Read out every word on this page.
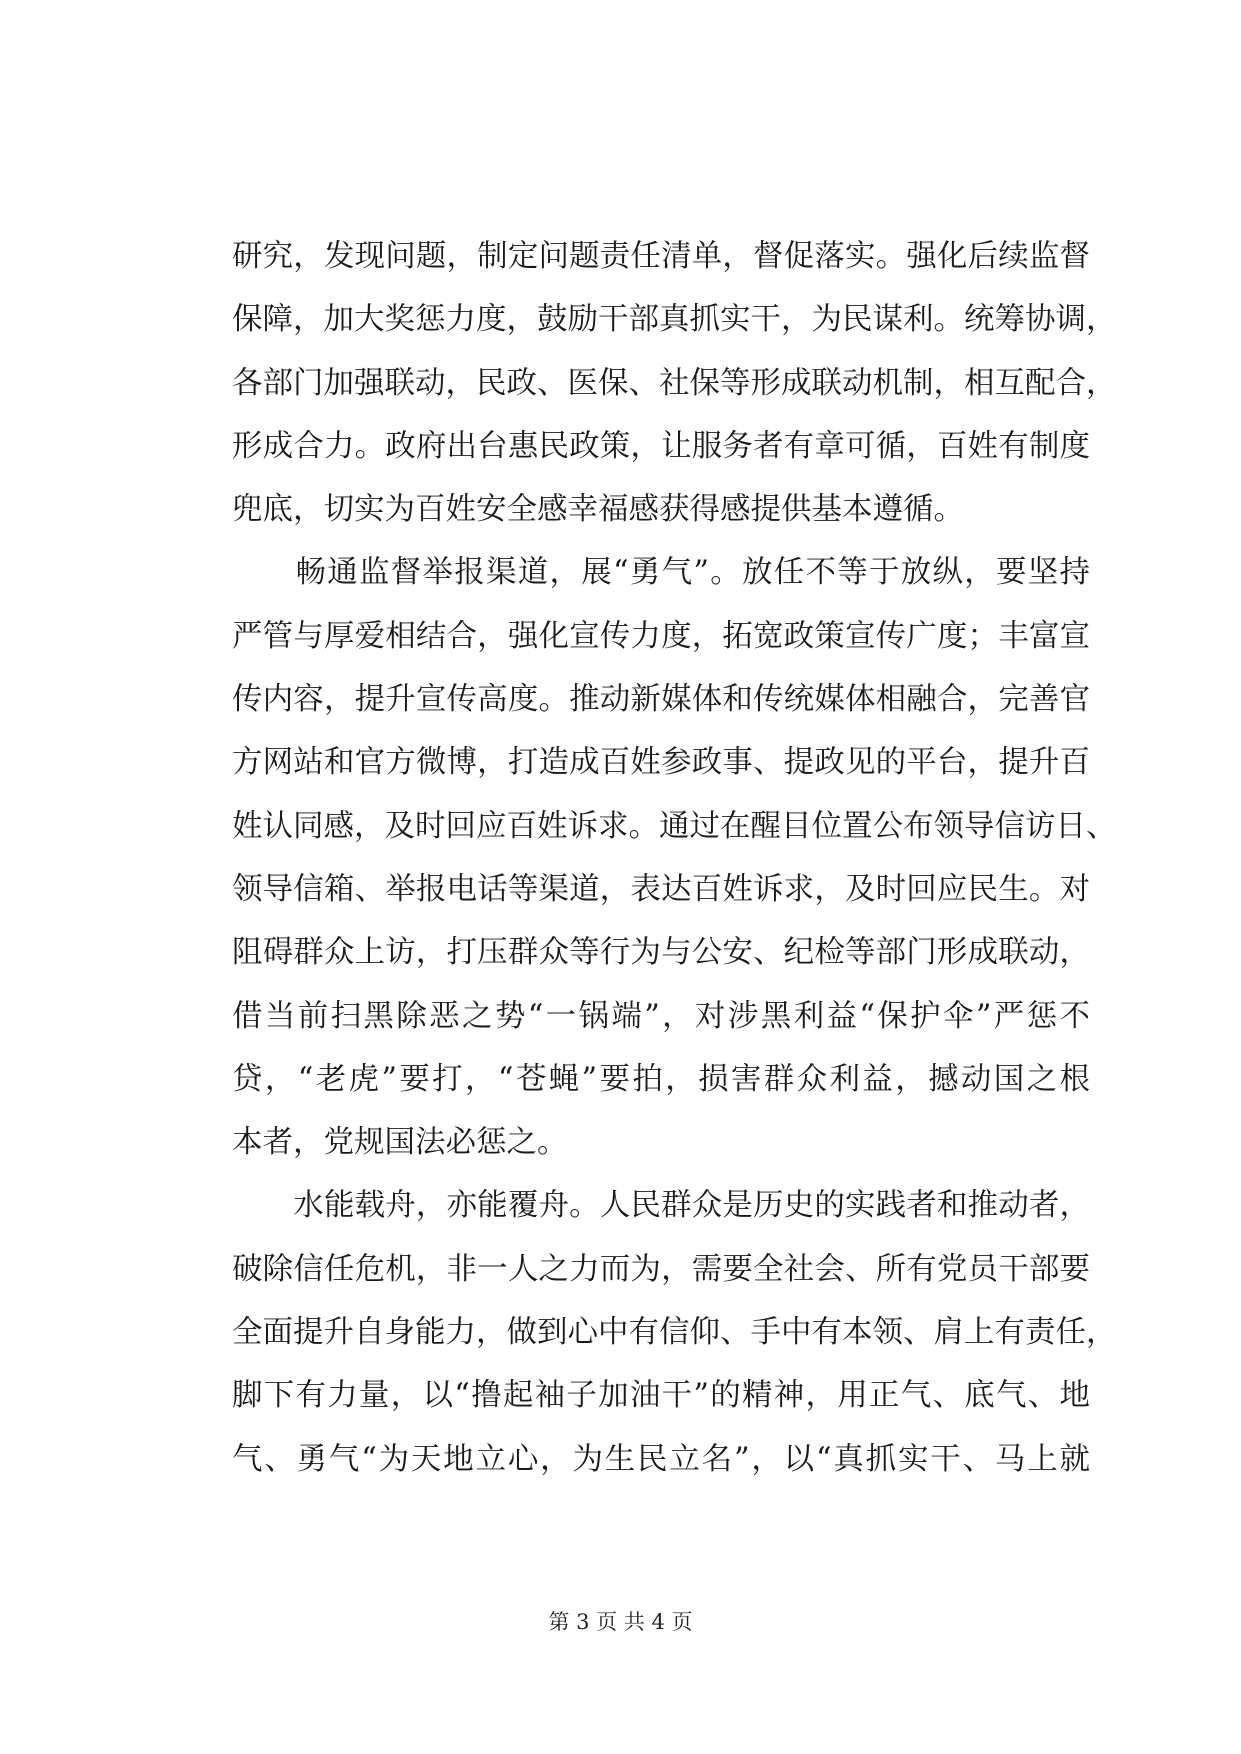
研究，发现问题，制定问题责任清单，督促落实。强化后续监督
保障，加大奖惩力度，鼓励干部真抓实干，为民谋利。统筹协调，
各部门加强联动，民政、医保、社保等形成联动机制，相互配合，
形成合力。政府出台惠民政策，让服务者有章可循，百姓有制度
兜底，切实为百姓安全感幸福感获得感提供基本遵循。
　　畅通监督举报渠道，展“勇气”。放任不等于放纵，要坚持
严管与厚爱相结合，强化宣传力度，拓宽政策宣传广度；丰富宣
传内容，提升宣传高度。推动新媒体和传统媒体相融合，完善官
方网站和官方微博，打造成百姓参政事、提政见的平台，提升百
姓认同感，及时回应百姓诉求。通过在醒目位置公布领导信访日、
领导信箱、举报电话等渠道，表达百姓诉求，及时回应民生。对
阻碍群众上访，打压群众等行为与公安、纪检等部门形成联动，
借当前扫黑除恶之势“一锅端”，对涉黑利益“保护伞”严惩不
贷，“老虎”要打，“苍蝇”要拍，损害群众利益，撼动国之根
本者，党规国法必惩之。
　　水能载舟，亦能覆舟。人民群众是历史的实践者和推动者，
破除信任危机，非一人之力而为，需要全社会、所有党员干部要
全面提升自身能力，做到心中有信仰、手中有本领、肩上有责任，
脚下有力量，以“撸起袖子加油干”的精神，用正气、底气、地
气、勇气“为天地立心，为生民立名”，以“真抓实干、马上就
第 3 页 共 4 页
